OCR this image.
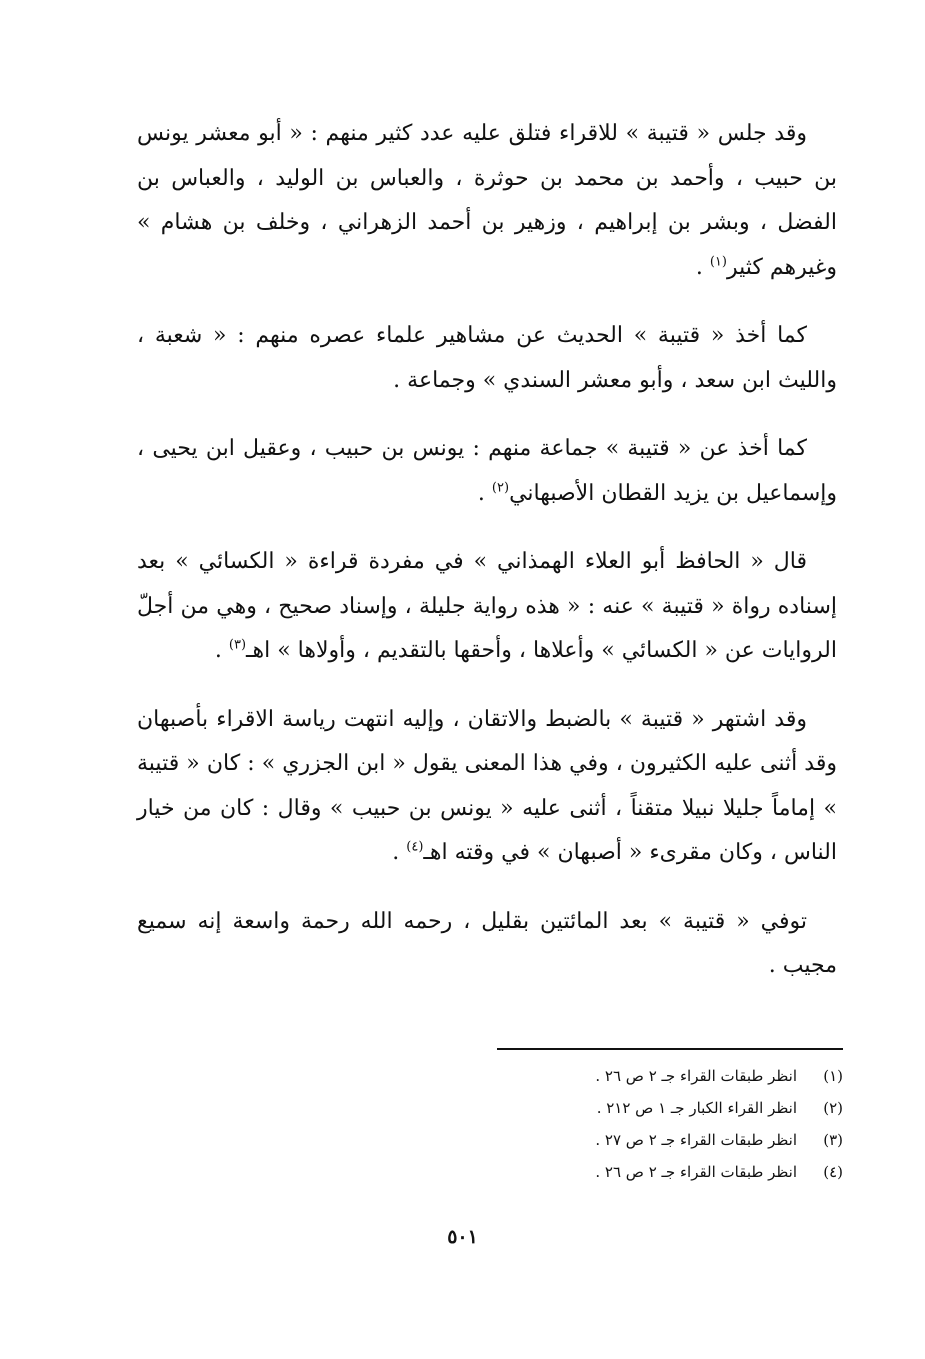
وقد جلس « قتيبة » للاقراء فتلق عليه عدد كثير منهم : « أبو معشر يونس بن حبيب ، وأحمد بن محمد بن حوثرة ، والعباس بن الوليد ، والعباس بن الفضل ، وبشر بن إبراهيم ، وزهير بن أحمد الزهراني ، وخلف بن هشام » وغيرهم كثير$^{(١)}$ .

كما أخذ « قتيبة » الحديث عن مشاهير علماء عصره منهم : « شعبة ، والليث ابن سعد ، وأبو معشر السندي » وجماعة .

كما أخذ عن « قتيبة » جماعة منهم : يونس بن حبيب ، وعقيل ابن يحيى ، وإسماعيل بن يزيد القطان الأصبهاني$^{(٢)}$ .

قال « الحافظ أبو العلاء الهمذاني » في مفردة قراءة « الكسائي » بعد إسناده رواة « قتيبة » عنه : « هذه رواية جليلة ، وإسناد صحيح ، وهي من أجلّ الروايات عن « الكسائي » وأعلاها ، وأحقها بالتقديم ، وأولاها » اهـ$^{(٣)}$ .

وقد اشتهر « قتيبة » بالضبط والاتقان ، وإليه انتهت رياسة الاقراء بأصبهان وقد أثنى عليه الكثيرون ، وفي هذا المعنى يقول « ابن الجزري » : كان « قتيبة » إماماً جليلا نبيلا متقناً ، أثنى عليه « يونس بن حبيب » وقال : كان من خيار الناس ، وكان مقرىء « أصبهان » في وقته اهـ$^{(٤)}$ .

توفي « قتيبة » بعد المائتين بقليل ، رحمه الله رحمة واسعة إنه سميع مجيب .

(١)
انظر طبقات القراء جـ ٢ ص ٢٦ .
(٢)
انظر القراء الكبار جـ ١ ص ٢١٢ .
(٣)
انظر طبقات القراء جـ ٢ ص ٢٧ .
(٤)
انظر طبقات القراء جـ ٢ ص ٢٦ .
٥٠١
